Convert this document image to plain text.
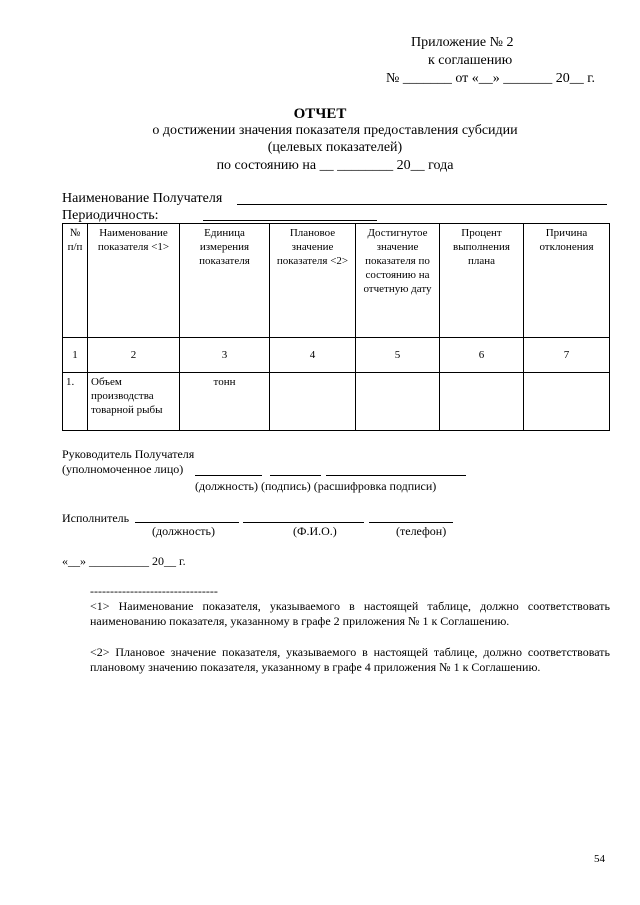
Приложение № 2
к соглашению
№ _______ от «__» _______ 20__ г.
ОТЧЕТ
о достижении значения показателя предоставления субсидии
(целевых показателей)
по состоянию на __ ________ 20__ года
Наименование Получателя
Периодичность:
№ п/п	Наименование показателя <1>	Единица измерения показателя	Плановое значение показателя <2>	Достигнутое значение показателя по состоянию на отчетную дату	Процент выполнения плана	Причина отклонения
1	2	3	4	5	6	7
1.	Объем производства товарной рыбы	тонн				
Руководитель Получателя
(уполномоченное лицо)
(должность) (подпись) (расшифровка подписи)
Исполнитель
(должность)	(Ф.И.О.)	(телефон)
«__» __________ 20__ г.
--------------------------------
<1> Наименование показателя, указываемого в настоящей таблице, должно соответствовать наименованию показателя, указанному в графе 2 приложения № 1 к Соглашению.
<2> Плановое значение показателя, указываемого в настоящей таблице, должно соответствовать плановому значению показателя, указанному в графе 4 приложения № 1 к Соглашению.
54
